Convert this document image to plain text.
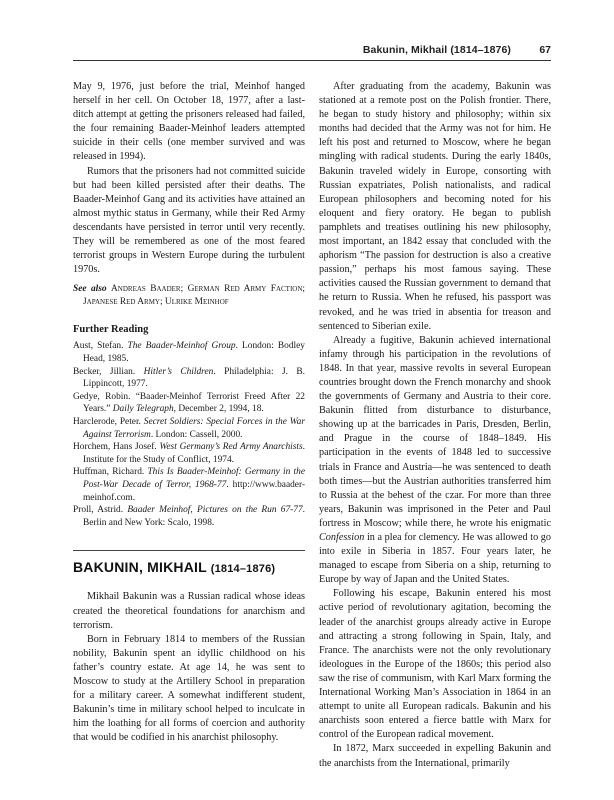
Bakunin, Mikhail (1814–1876)	67

May 9, 1976, just before the trial, Meinhof hanged herself in her cell. On October 18, 1977, after a last-ditch attempt at getting the prisoners released had failed, the four remaining Baader-Meinhof leaders attempted suicide in their cells (one member survived and was released in 1994).

Rumors that the prisoners had not committed suicide but had been killed persisted after their deaths. The Baader-Meinhof Gang and its activities have attained an almost mythic status in Germany, while their Red Army descendants have persisted in terror until very recently. They will be remembered as one of the most feared terrorist groups in Western Europe during the turbulent 1970s.

See also Andreas Baader; German Red Army Faction; Japanese Red Army; Ulrike Meinhof
Further Reading
Aust, Stefan. The Baader-Meinhof Group. London: Bodley Head, 1985.
Becker, Jillian. Hitler’s Children. Philadelphia: J. B. Lippincott, 1977.
Gedye, Robin. “Baader-Meinhof Terrorist Freed After 22 Years.” Daily Telegraph, December 2, 1994, 18.
Harclerode, Peter. Secret Soldiers: Special Forces in the War Against Terrorism. London: Cassell, 2000.
Horchem, Hans Josef. West Germany’s Red Army Anarchists. Institute for the Study of Conflict, 1974.
Huffman, Richard. This Is Baader-Meinhof: Germany in the Post-War Decade of Terror, 1968-77. http://www.baader-meinhof.com.
Proll, Astrid. Baader Meinhof, Pictures on the Run 67-77. Berlin and New York: Scalo, 1998.
BAKUNIN, MIKHAIL (1814–1876)

Mikhail Bakunin was a Russian radical whose ideas created the theoretical foundations for anarchism and terrorism.

Born in February 1814 to members of the Russian nobility, Bakunin spent an idyllic childhood on his father’s country estate. At age 14, he was sent to Moscow to study at the Artillery School in preparation for a military career. A somewhat indifferent student, Bakunin’s time in military school helped to inculcate in him the loathing for all forms of coercion and authority that would be codified in his anarchist philosophy.

After graduating from the academy, Bakunin was stationed at a remote post on the Polish frontier. There, he began to study history and philosophy; within six months had decided that the Army was not for him. He left his post and returned to Moscow, where he began mingling with radical students. During the early 1840s, Bakunin traveled widely in Europe, consorting with Russian expatriates, Polish nationalists, and radical European philosophers and becoming noted for his eloquent and fiery oratory. He began to publish pamphlets and treatises outlining his new philosophy, most important, an 1842 essay that concluded with the aphorism “The passion for destruction is also a creative passion,” perhaps his most famous saying. These activities caused the Russian government to demand that he return to Russia. When he refused, his passport was revoked, and he was tried in absentia for treason and sentenced to Siberian exile.

Already a fugitive, Bakunin achieved international infamy through his participation in the revolutions of 1848. In that year, massive revolts in several European countries brought down the French monarchy and shook the governments of Germany and Austria to their core. Bakunin flitted from disturbance to disturbance, showing up at the barricades in Paris, Dresden, Berlin, and Prague in the course of 1848–1849. His participation in the events of 1848 led to successive trials in France and Austria—he was sentenced to death both times—but the Austrian authorities transferred him to Russia at the behest of the czar. For more than three years, Bakunin was imprisoned in the Peter and Paul fortress in Moscow; while there, he wrote his enigmatic Confession in a plea for clemency. He was allowed to go into exile in Siberia in 1857. Four years later, he managed to escape from Siberia on a ship, returning to Europe by way of Japan and the United States.

Following his escape, Bakunin entered his most active period of revolutionary agitation, becoming the leader of the anarchist groups already active in Europe and attracting a strong following in Spain, Italy, and France. The anarchists were not the only revolutionary ideologues in the Europe of the 1860s; this period also saw the rise of communism, with Karl Marx forming the International Working Man’s Association in 1864 in an attempt to unite all European radicals. Bakunin and his anarchists soon entered a fierce battle with Marx for control of the European radical movement.

In 1872, Marx succeeded in expelling Bakunin and the anarchists from the International, primarily
